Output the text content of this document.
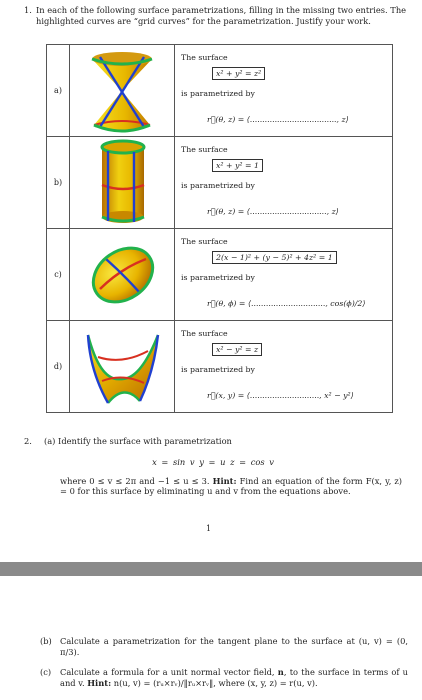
1. In each of the following surface parametrizations, filling in the missing two entries. The highlighted curves are “grid curves” for the parametrization. Justify your work.
a)		The surface
x² + y² = z²
is parametrized by
r⃗(θ, z) = ⟨..................................., z⟩

b)		The surface
x² + y² = 1
is parametrized by
r⃗(θ, z) = ⟨..............................., z⟩

c)		The surface
2(x − 1)² + (y − 5)² + 4z² = 1
is parametrized by
r⃗(θ, ϕ) = ⟨.............................., cos(ϕ)/2⟩

d)		The surface
x² − y² = z
is parametrized by
r⃗(x, y) = ⟨............................, x² − y²⟩
2. (a) Identify the surface with parametrization
x = sin v y = u z = cos v
where 0 ≤ v ≤ 2π and −1 ≤ u ≤ 3. Hint: Find an equation of the form F(x, y, z) = 0 for this surface by eliminating u and v from the equations above.
1
(b) Calculate a parametrization for the tangent plane to the surface at (u, v) = (0, π/3).
(c) Calculate a formula for a unit normal vector field, n, to the surface in terms of u and v. Hint: n(u, v) = (rᵤ×rᵥ)/‖rᵤ×rᵥ‖, where (x, y, z) = r(u, v).
